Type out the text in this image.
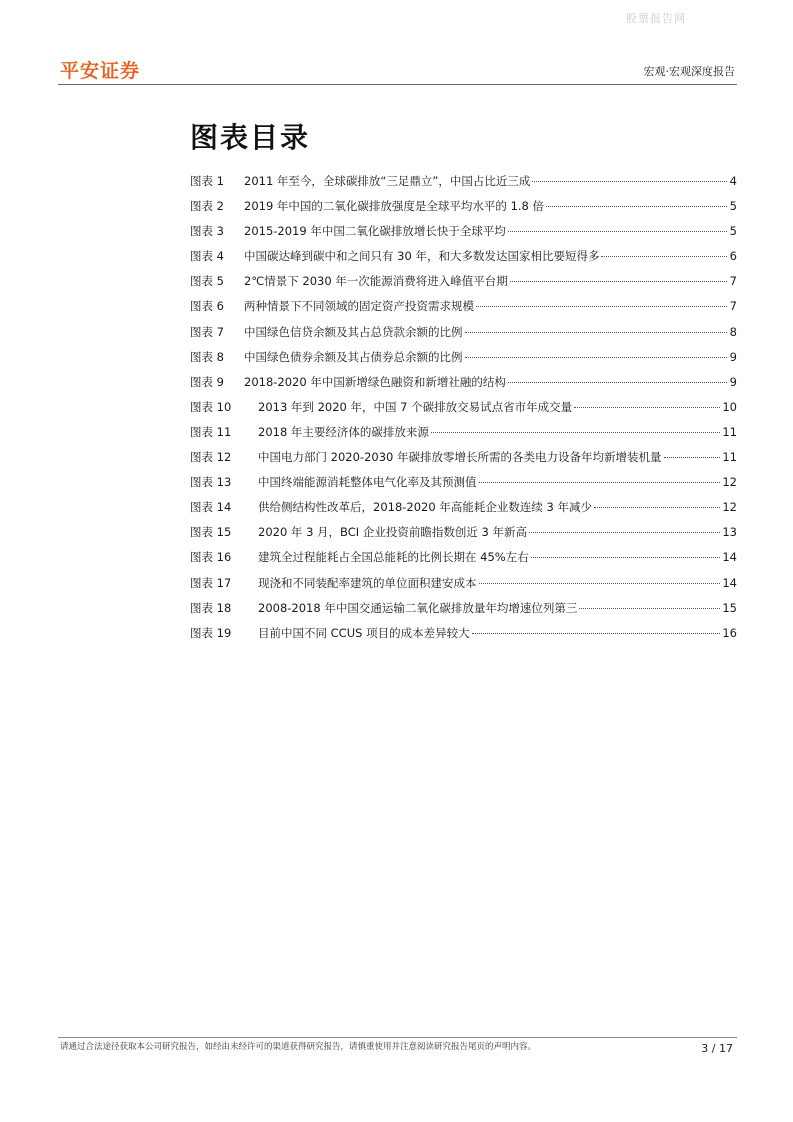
股票报告网
平安证券	宏观·宏观深度报告
图表目录
图表 1	2011 年至今，全球碳排放“三足鼎立”，中国占比近三成	4
图表 2	2019 年中国的二氧化碳排放强度是全球平均水平的 1.8 倍	5
图表 3	2015-2019 年中国二氧化碳排放增长快于全球平均	5
图表 4	中国碳达峰到碳中和之间只有 30 年，和大多数发达国家相比要短得多	6
图表 5	2℃情景下 2030 年一次能源消费将进入峰值平台期	7
图表 6	两种情景下不同领域的固定资产投资需求规模	7
图表 7	中国绿色信贷余额及其占总贷款余额的比例	8
图表 8	中国绿色债券余额及其占债券总余额的比例	9
图表 9	2018-2020 年中国新增绿色融资和新增社融的结构	9
图表 10	2013 年到 2020 年，中国 7 个碳排放交易试点省市年成交量	10
图表 11	2018 年主要经济体的碳排放来源	11
图表 12	中国电力部门 2020-2030 年碳排放零增长所需的各类电力设备年均新增装机量	11
图表 13	中国终端能源消耗整体电气化率及其预测值	12
图表 14	供给侧结构性改革后，2018-2020 年高能耗企业数连续 3 年减少	12
图表 15	2020 年 3 月，BCI 企业投资前瞻指数创近 3 年新高	13
图表 16	建筑全过程能耗占全国总能耗的比例长期在 45%左右	14
图表 17	现浇和不同装配率建筑的单位面积建安成本	14
图表 18	2008-2018 年中国交通运输二氧化碳排放量年均增速位列第三	15
图表 19	目前中国不同 CCUS 项目的成本差异较大	16
请通过合法途径获取本公司研究报告，如经由未经许可的渠道获得研究报告，请慎重使用并注意阅读研究报告尾页的声明内容。	3 / 17
